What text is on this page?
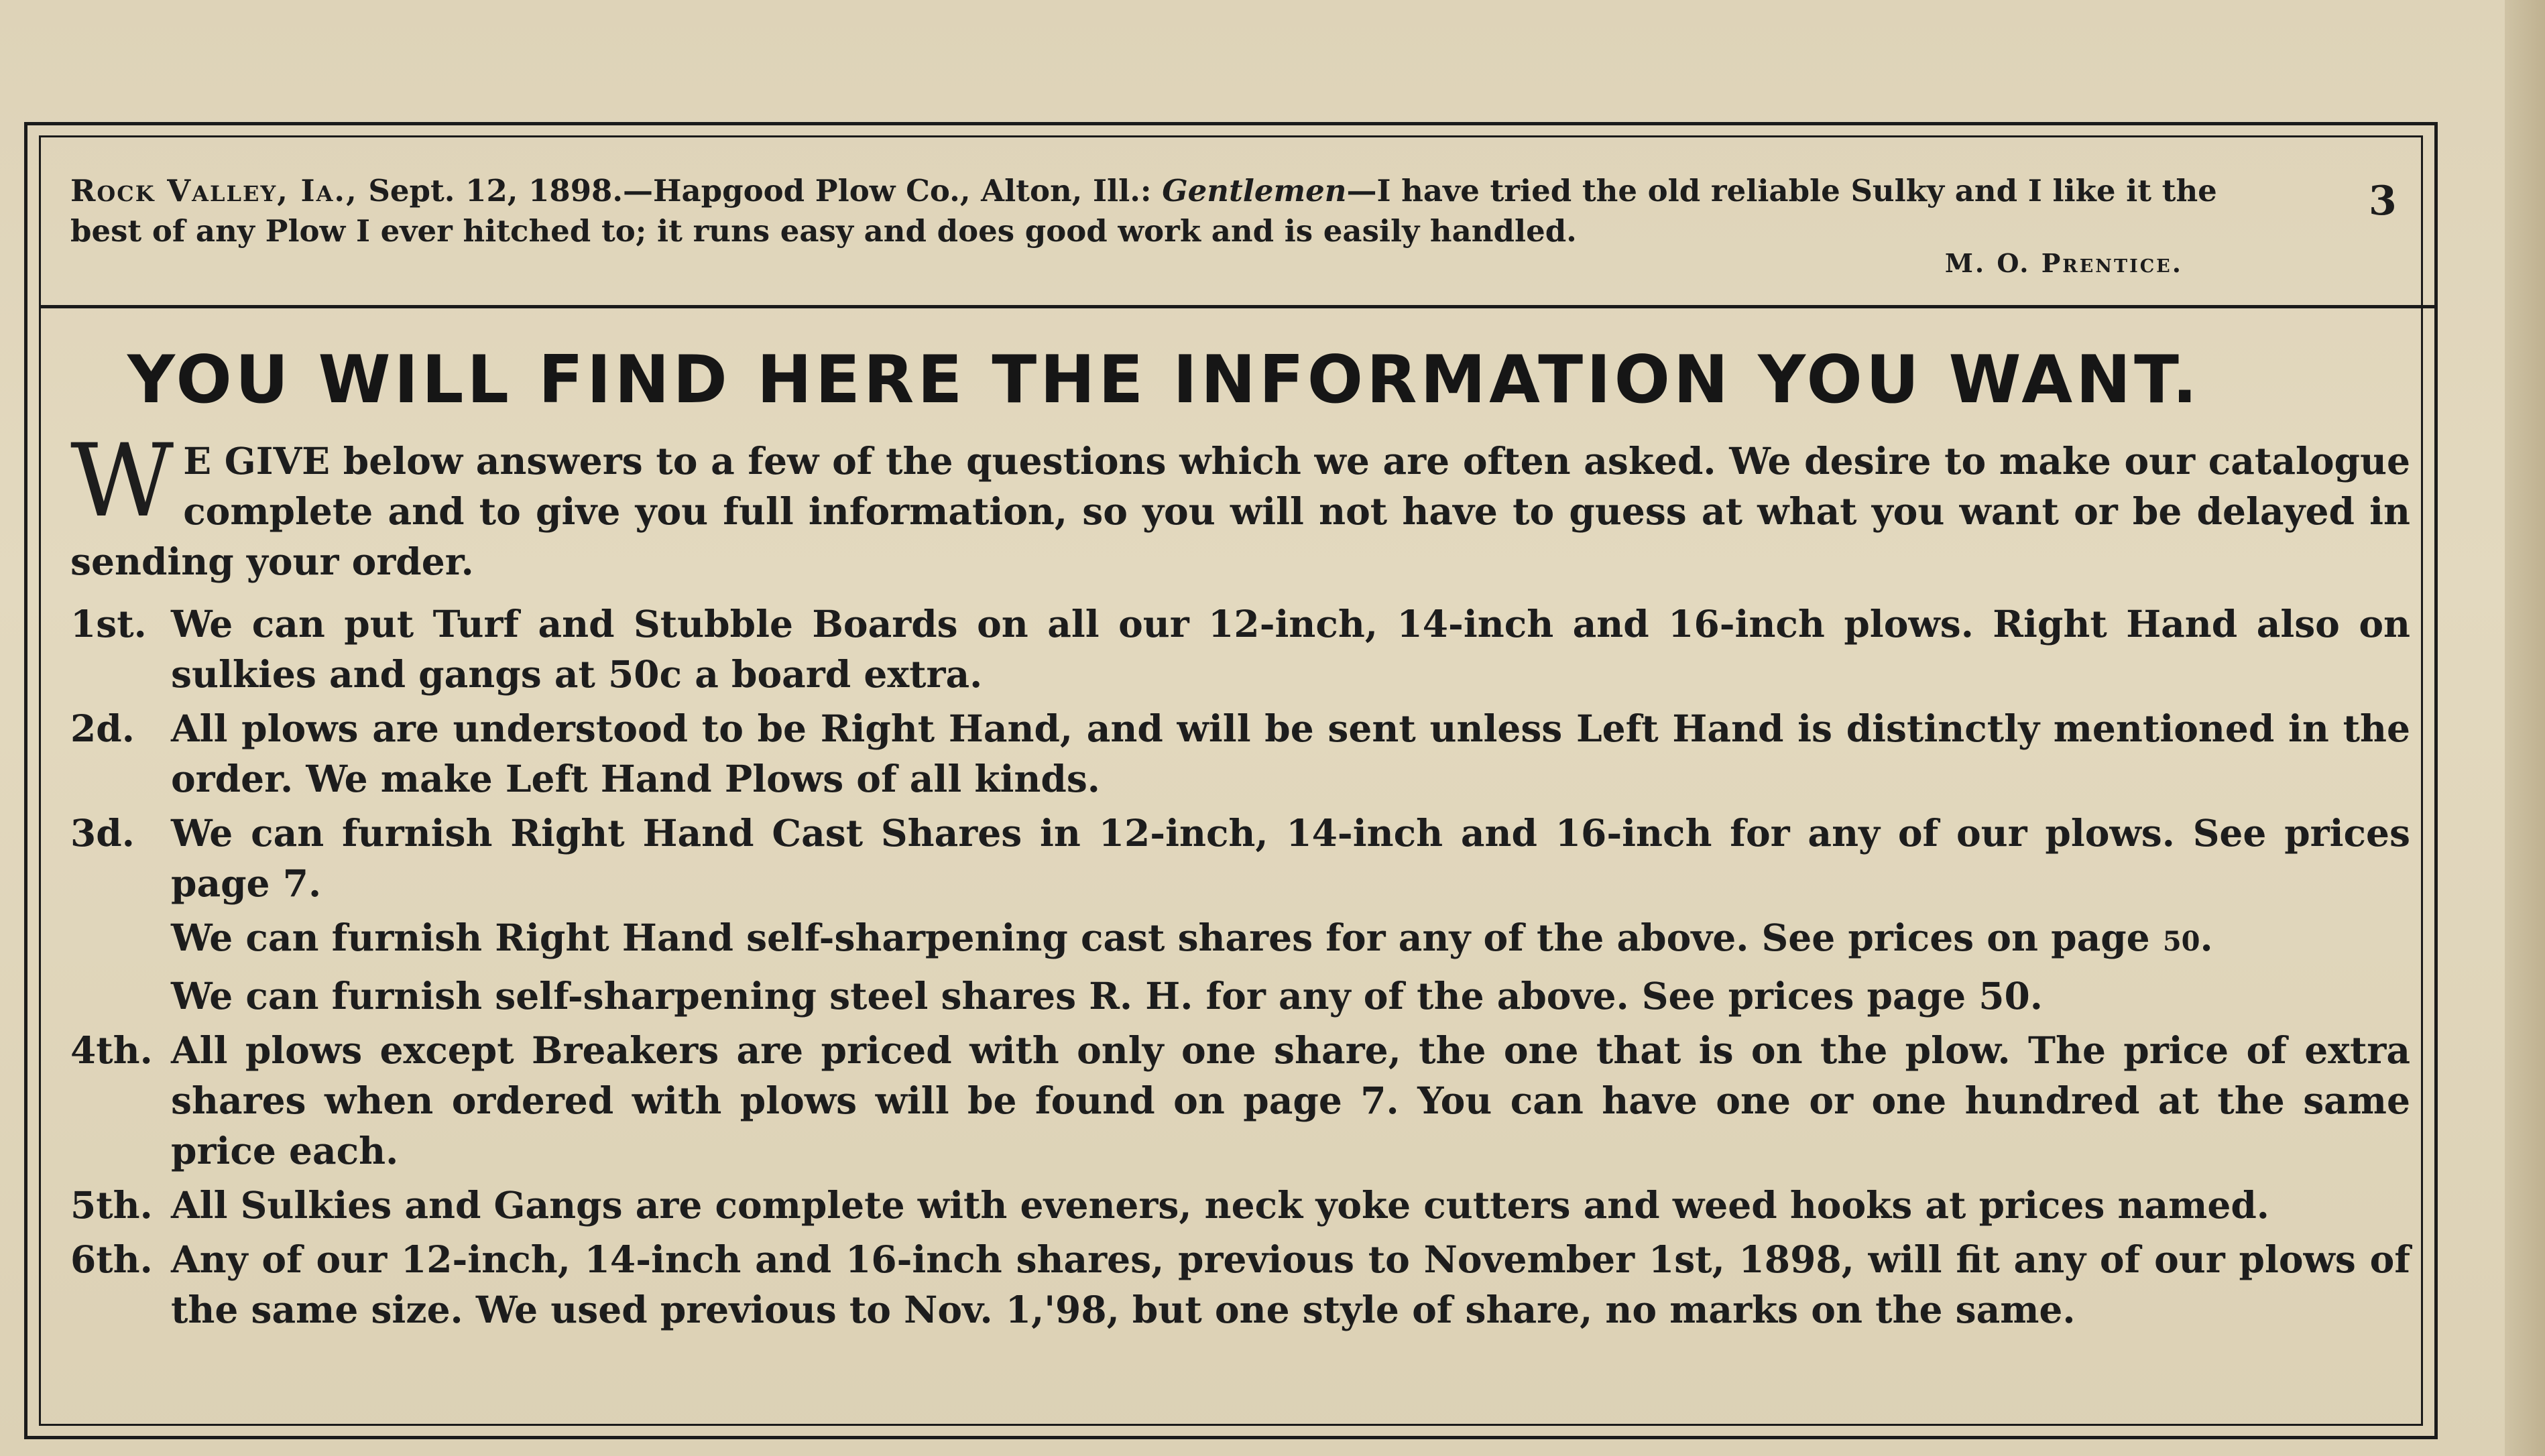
Rock Valley, Ia., Sept. 12, 1898.—Hapgood Plow Co., Alton, Ill.: Gentlemen—I have tried the old reliable Sulky and I like it the best of any Plow I ever hitched to; it runs easy and does good work and is easily handled.
M. O. Prentice.
3
YOU WILL FIND HERE THE INFORMATION YOU WANT.

W E GIVE below answers to a few of the questions which we are often asked. We desire to make our catalogue complete and to give you full information, so you will not have to guess at what you want or be delayed in sending your order.

1st. We can put Turf and Stubble Boards on all our 12-inch, 14-inch and 16-inch plows. Right Hand also on sulkies and gangs at 50c a board extra.
2d. All plows are understood to be Right Hand, and will be sent unless Left Hand is distinctly mentioned in the order. We make Left Hand Plows of all kinds.
3d. We can furnish Right Hand Cast Shares in 12-inch, 14-inch and 16-inch for any of our plows. See prices page 7.
We can furnish Right Hand self-sharpening cast shares for any of the above. See prices on page 50.
We can furnish self-sharpening steel shares R. H. for any of the above. See prices page 50.
4th. All plows except Breakers are priced with only one share, the one that is on the plow. The price of extra shares when ordered with plows will be found on page 7. You can have one or one hundred at the same price each.
5th. All Sulkies and Gangs are complete with eveners, neck yoke cutters and weed hooks at prices named.
6th. Any of our 12-inch, 14-inch and 16-inch shares, previous to November 1st, 1898, will fit any of our plows of the same size. We used previous to Nov. 1,'98, but one style of share, no marks on the same.
